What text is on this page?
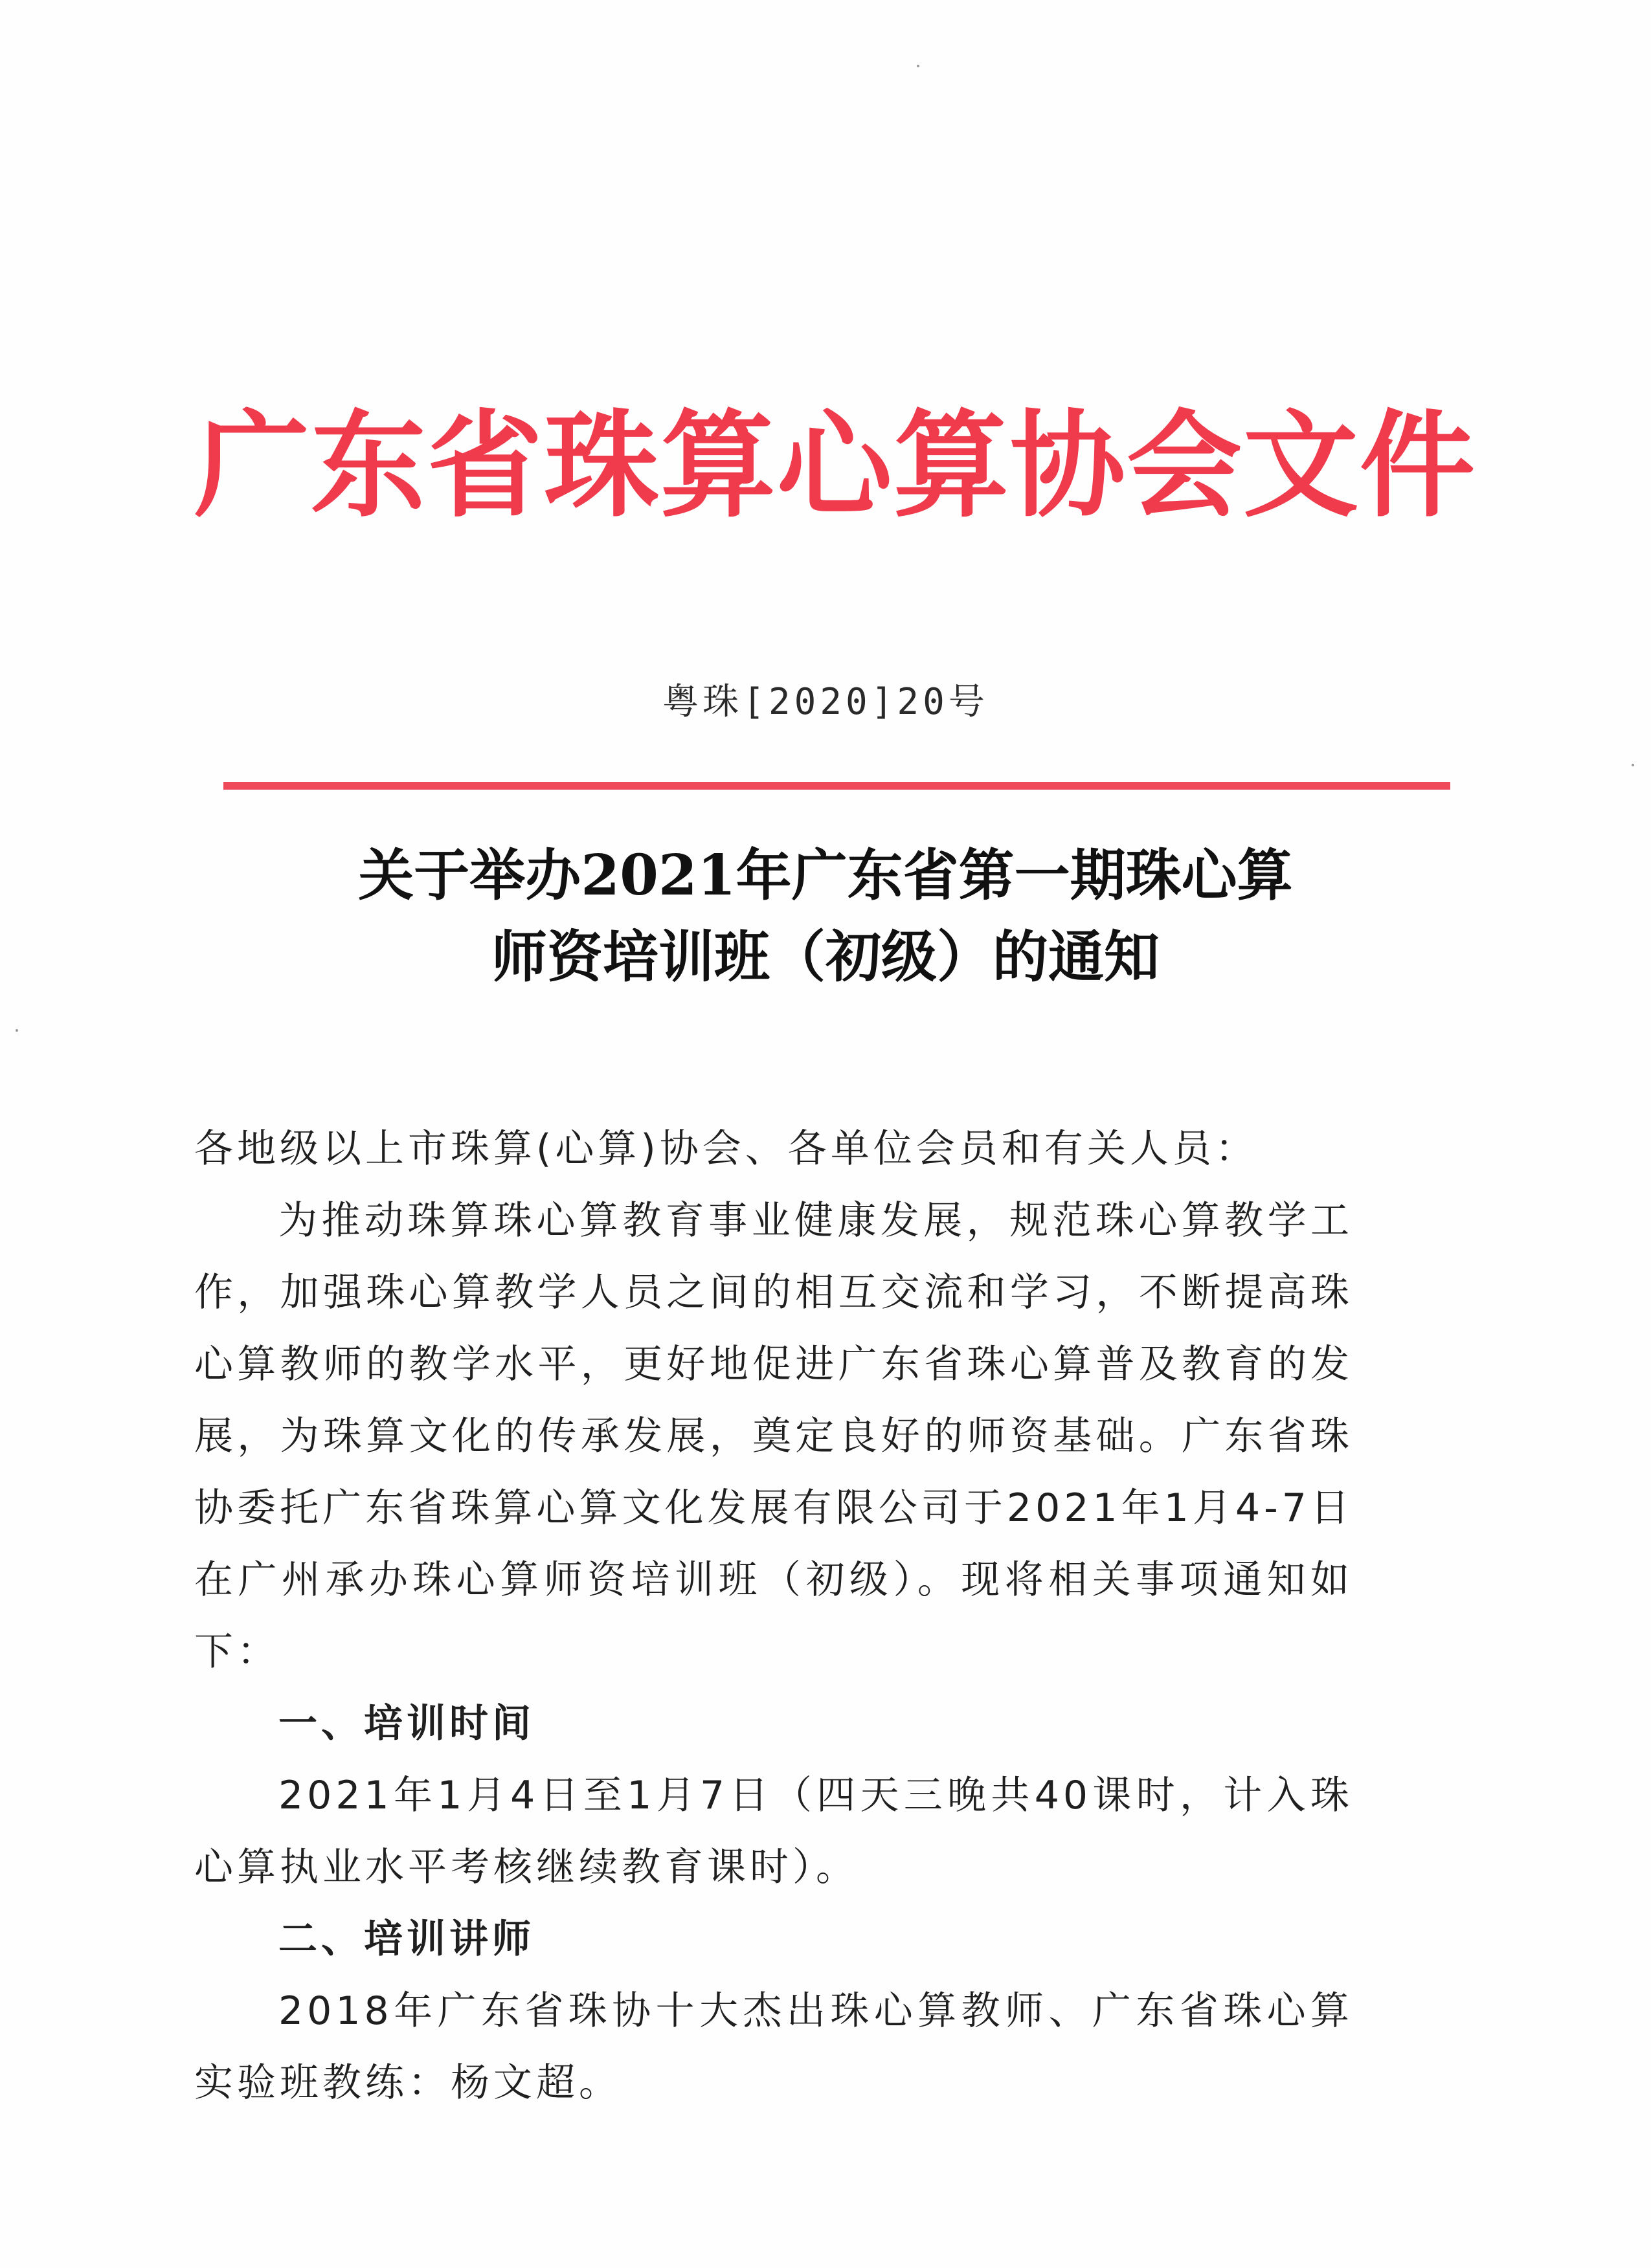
广东省珠算心算协会文件
粤珠[2020]20号
关于举办2021年广东省第一期珠心算
师资培训班（初级）的通知

各地级以上市珠算(心算)协会、各单位会员和有关人员：

为推动珠算珠心算教育事业健康发展，规范珠心算教学工作，加强珠心算教学人员之间的相互交流和学习，不断提高珠心算教师的教学水平，更好地促进广东省珠心算普及教育的发展，为珠算文化的传承发展，奠定良好的师资基础。广东省珠协委托广东省珠算心算文化发展有限公司于2021年1月4-7日在广州承办珠心算师资培训班（初级）。现将相关事项通知如下：

一、培训时间

2021年1月4日至1月7日（四天三晚共40课时，计入珠心算执业水平考核继续教育课时）。

二、培训讲师

2018年广东省珠协十大杰出珠心算教师、广东省珠心算实验班教练：杨文超。
